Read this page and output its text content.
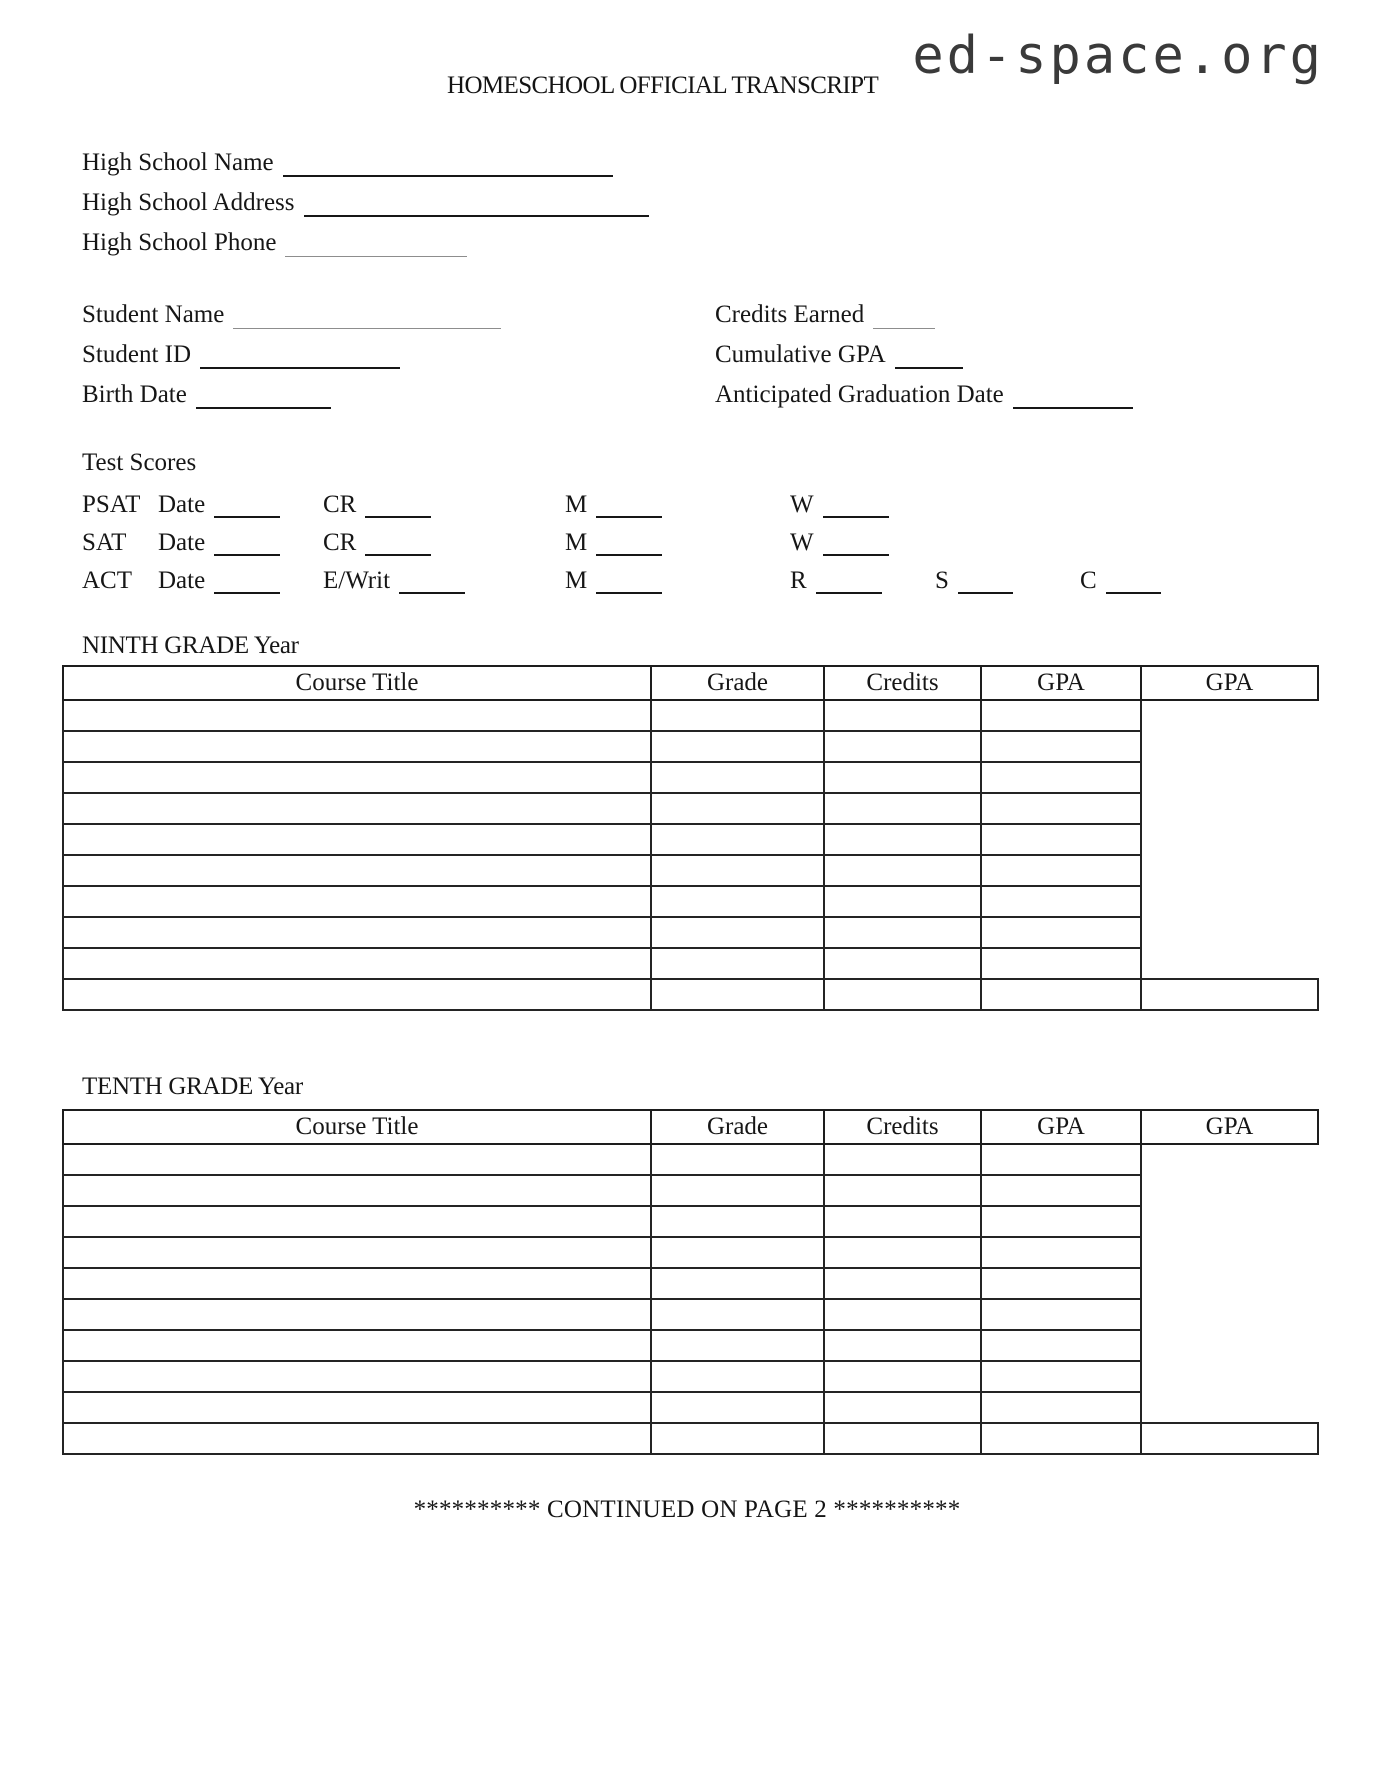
ed-space.org
HOMESCHOOL OFFICIAL TRANSCRIPT
High School Name
High School Address
High School Phone
Student Name
Student ID
Birth Date
Credits Earned
Cumulative GPA
Anticipated Graduation Date
Test Scores
PSAT Date	CR	M	W
SAT Date	CR	M	W
ACT Date	E/Writ	M	R	S	C
NINTH GRADE Year
Course Title	Grade	Credits	GPA	GPA

TENTH GRADE Year
Course Title	Grade	Credits	GPA	GPA

********** CONTINUED ON PAGE 2 **********
